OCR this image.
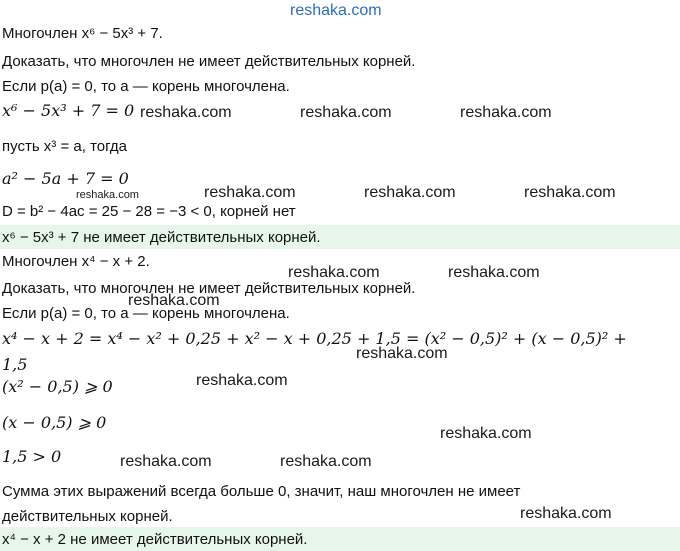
Многочлен x⁶ − 5x³ + 7.
Доказать, что многочлен не имеет действительных корней.
Если p(a) = 0, то a — корень многочлена.
x⁶ − 5x³ + 7 = 0
пусть x³ = a, тогда
a² − 5a + 7 = 0
D = b² − 4ac = 25 − 28 = −3 < 0, корней нет
x⁶ − 5x³ + 7 не имеет действительных корней.
Многочлен x⁴ − x + 2.
Доказать, что многочлен не имеет действительных корней.
Если p(a) = 0, то a — корень многочлена.
x⁴ − x + 2 = x⁴ − x² + 0,25 + x² − x + 0,25 + 1,5 = (x² − 0,5)² + (x − 0,5)² +
1,5
(x² − 0,5) ⩾ 0
(x − 0,5) ⩾ 0
1,5 > 0
Сумма этих выражений всегда больше 0, значит, наш многочлен не имеет
действительных корней.
x⁴ − x + 2 не имеет действительных корней.
reshaka.com
reshaka.com	reshaka.com	reshaka.com
reshaka.com	reshaka.com	reshaka.com	reshaka.com
reshaka.com	reshaka.com
reshaka.com
reshaka.com
reshaka.com
reshaka.com
reshaka.com	reshaka.com
reshaka.com
